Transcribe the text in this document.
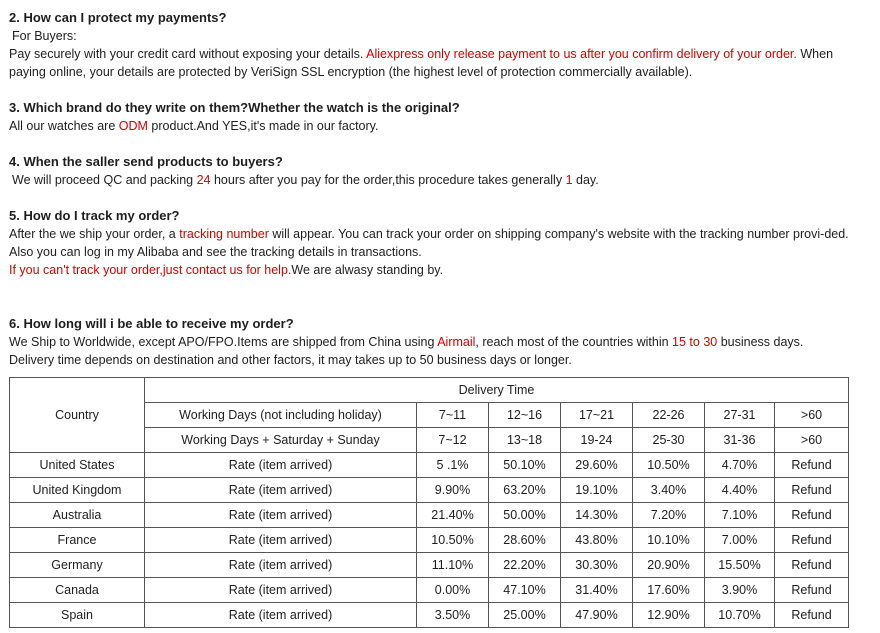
2. How can I protect my payments?

For Buyers:

Pay securely with your credit card without exposing your details. Aliexpress only release payment to us after you confirm delivery of your order. When paying online, your details are protected by VeriSign SSL encryption (the highest level of protection commercially available).

3. Which brand do they write on them?Whether the watch is the original?

All our watches are ODM product.And YES,it's made in our factory.

4. When the saller send products to buyers?

We will proceed QC and packing 24 hours after you pay for the order,this procedure takes generally 1 day.

5. How do I track my order?

After the we ship your order, a tracking number will appear. You can track your order on shipping company's website with the tracking number provi-ded.

Also you can log in my Alibaba and see the tracking details in transactions.

If you can't track your order,just contact us for help.We are alwasy standing by.

6. How long will i be able to receive my order?

We Ship to Worldwide, except APO/FPO.Items are shipped from China using Airmail, reach most of the countries within 15 to 30 business days.

Delivery time depends on destination and other factors, it may takes up to 50 business days or longer.

Country	Delivery Time						
	Working Days (not including holiday)	7~11	12~16	17~21	22-26	27-31	>60
	Working Days + Saturday + Sunday	7~12	13~18	19-24	25-30	31-36	>60
United States	Rate (item arrived)	5 .1%	50.10%	29.60%	10.50%	4.70%	Refund
United Kingdom	Rate (item arrived)	9.90%	63.20%	19.10%	3.40%	4.40%	Refund
Australia	Rate (item arrived)	21.40%	50.00%	14.30%	7.20%	7.10%	Refund
France	Rate (item arrived)	10.50%	28.60%	43.80%	10.10%	7.00%	Refund
Germany	Rate (item arrived)	11.10%	22.20%	30.30%	20.90%	15.50%	Refund
Canada	Rate (item arrived)	0.00%	47.10%	31.40%	17.60%	3.90%	Refund
Spain	Rate (item arrived)	3.50%	25.00%	47.90%	12.90%	10.70%	Refund
